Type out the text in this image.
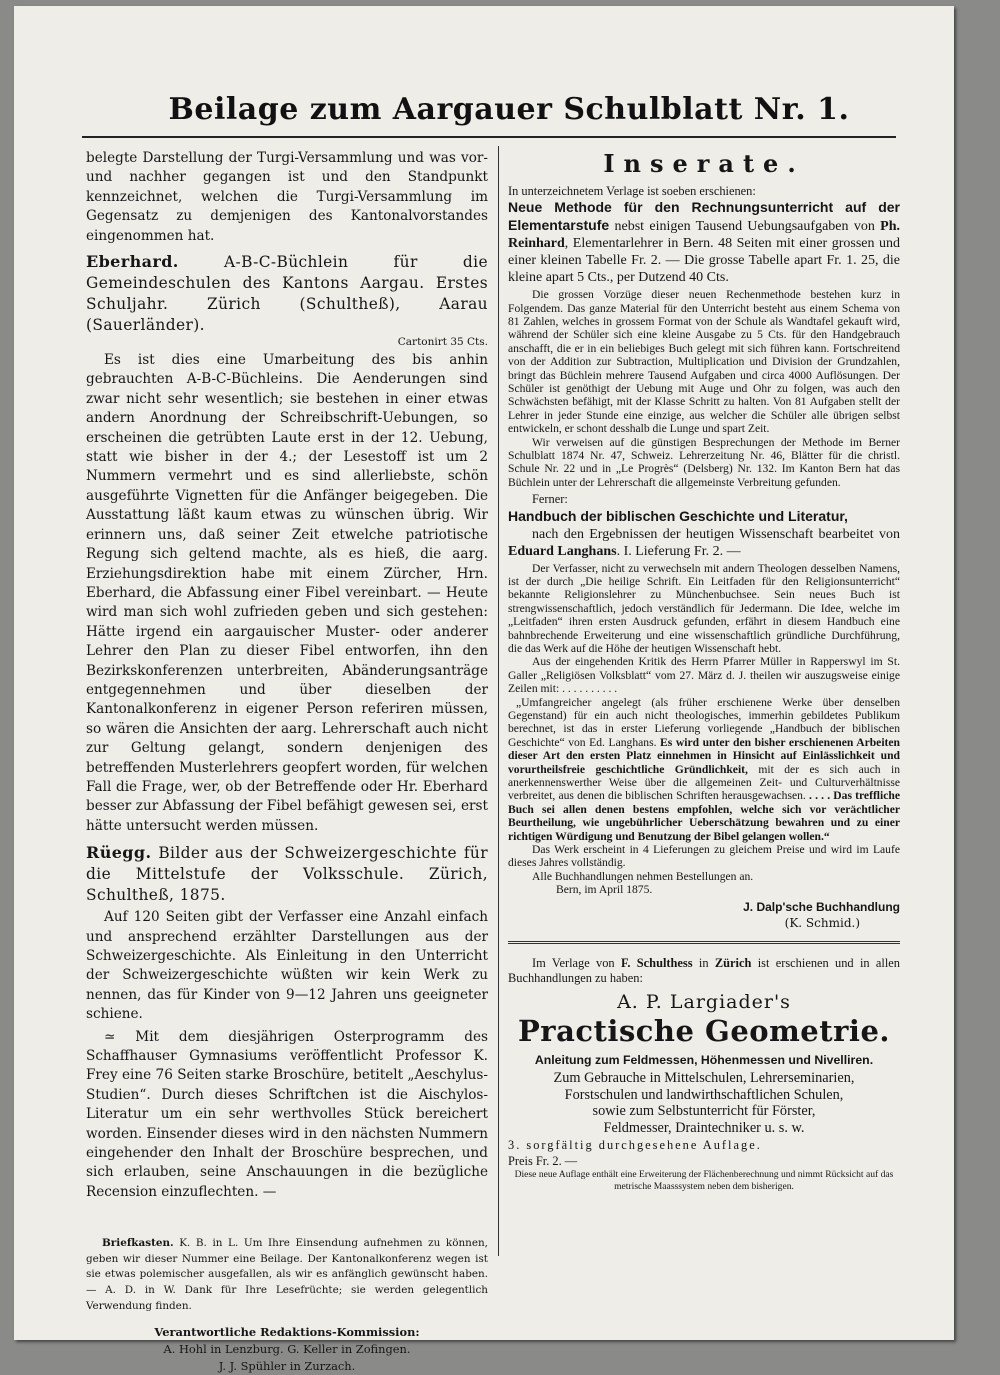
Beilage zum Aargauer Schulblatt Nr. 1.

belegte Darstellung der Turgi-Versammlung und was vor- und nachher gegangen ist und den Standpunkt kennzeichnet, welchen die Turgi-Versammlung im Gegensatz zu demjenigen des Kantonalvorstandes eingenommen hat.

Eberhard.	A-B-C-Büchlein für die Gemeindeschulen des Kantons Aargau. Erstes Schuljahr. Zürich (Schultheß), Aarau (Sauerländer).

Cartonirt 35 Cts.

Es ist dies eine Umarbeitung des bis anhin gebrauchten A-B-C-Büchleins. Die Aenderungen sind zwar nicht sehr wesentlich; sie bestehen in einer etwas andern Anordnung der Schreibschrift-Uebungen, so erscheinen die getrübten Laute erst in der 12. Uebung, statt wie bisher in der 4.; der Lesestoff ist um 2 Nummern vermehrt und es sind allerliebste, schön ausgeführte Vignetten für die Anfänger beigegeben. Die Ausstattung läßt kaum etwas zu wünschen übrig. Wir erinnern uns, daß seiner Zeit etwelche patriotische Regung sich geltend machte, als es hieß, die aarg. Erziehungsdirektion habe mit einem Zürcher, Hrn. Eberhard, die Abfassung einer Fibel vereinbart. — Heute wird man sich wohl zufrieden geben und sich gestehen: Hätte irgend ein aargauischer Muster- oder anderer Lehrer den Plan zu dieser Fibel entworfen, ihn den Bezirkskonferenzen unterbreiten, Abänderungsanträge entgegennehmen und über dieselben der Kantonalkonferenz in eigener Person referiren müssen, so wären die Ansichten der aarg. Lehrerschaft auch nicht zur Geltung gelangt, sondern denjenigen des betreffenden Musterlehrers geopfert worden, für welchen Fall die Frage, wer, ob der Betreffende oder Hr. Eberhard besser zur Abfassung der Fibel befähigt gewesen sei, erst hätte untersucht werden müssen.

Rüegg. Bilder aus der Schweizergeschichte für die Mittelstufe der Volksschule. Zürich, Schultheß, 1875.

Auf 120 Seiten gibt der Verfasser eine Anzahl einfach und ansprechend erzählter Darstellungen aus der Schweizergeschichte. Als Einleitung in den Unterricht der Schweizergeschichte wüßten wir kein Werk zu nennen, das für Kinder von 9—12 Jahren uns geeigneter schiene.

≃ Mit dem diesjährigen Osterprogramm des Schaffhauser Gymnasiums veröffentlicht Professor K. Frey eine 76 Seiten starke Broschüre, betitelt „Aeschylus-Studien“. Durch dieses Schriftchen ist die Aischylos-Literatur um ein sehr werthvolles Stück bereichert worden. Einsender dieses wird in den nächsten Nummern eingehender den Inhalt der Broschüre besprechen, und sich erlauben, seine Anschauungen in die bezügliche Recension einzuflechten. —

Briefkasten. K. B. in L. Um Ihre Einsendung aufnehmen zu können, geben wir dieser Nummer eine Beilage. Der Kantonalkonferenz wegen ist sie etwas polemischer ausgefallen, als wir es anfänglich gewünscht haben. — A. D. in W. Dank für Ihre Lesefrüchte; sie werden gelegentlich Verwendung finden.

Verantwortliche Redaktions-Kommission:

A. Hohl in Lenzburg. G. Keller in Zofingen.

J. J. Spühler in Zurzach.

Inserate.

In unterzeichnetem Verlage ist soeben erschienen:

Neue Methode für den Rechnungsunterricht auf der Elementarstufe nebst einigen Tausend Uebungsaufgaben von Ph. Reinhard, Elementarlehrer in Bern. 48 Seiten mit einer grossen und einer kleinen Tabelle Fr. 2. — Die grosse Tabelle apart Fr. 1. 25, die kleine apart 5 Cts., per Dutzend 40 Cts.

Die grossen Vorzüge dieser neuen Rechenmethode bestehen kurz in Folgendem. Das ganze Material für den Unterricht besteht aus einem Schema von 81 Zahlen, welches in grossem Format von der Schule als Wandtafel gekauft wird, während der Schüler sich eine kleine Ausgabe zu 5 Cts. für den Handgebrauch anschafft, die er in ein beliebiges Buch gelegt mit sich führen kann. Fortschreitend von der Addition zur Subtraction, Multiplication und Division der Grundzahlen, bringt das Büchlein mehrere Tausend Aufgaben und circa 4000 Auflösungen. Der Schüler ist genöthigt der Uebung mit Auge und Ohr zu folgen, was auch den Schwächsten befähigt, mit der Klasse Schritt zu halten. Von 81 Aufgaben stellt der Lehrer in jeder Stunde eine einzige, aus welcher die Schüler alle übrigen selbst entwickeln, er schont desshalb die Lunge und spart Zeit.

Wir verweisen auf die günstigen Besprechungen der Methode im Berner Schulblatt 1874 Nr. 47, Schweiz. Lehrerzeitung Nr. 46, Blätter für die christl. Schule Nr. 22 und in „Le Progrès“ (Delsberg) Nr. 132. Im Kanton Bern hat das Büchlein unter der Lehrerschaft die allgemeinste Verbreitung gefunden.

Ferner:

Handbuch der biblischen Geschichte und Literatur,

nach den Ergebnissen der heutigen Wissenschaft bearbeitet von Eduard Langhans. I. Lieferung Fr. 2. —

Der Verfasser, nicht zu verwechseln mit andern Theologen desselben Namens, ist der durch „Die heilige Schrift. Ein Leitfaden für den Religionsunterricht“ bekannte Religionslehrer zu Münchenbuchsee. Sein neues Buch ist strengwissenschaftlich, jedoch verständlich für Jedermann. Die Idee, welche im „Leitfaden“ ihren ersten Ausdruck gefunden, erfährt in diesem Handbuch eine bahnbrechende Erweiterung und eine wissenschaftlich gründliche Durchführung, die das Werk auf die Höhe der heutigen Wissenschaft hebt.

Aus der eingehenden Kritik des Herrn Pfarrer Müller in Rapperswyl im St. Galler „Religiösen Volksblatt“ vom 27. März d. J. theilen wir auszugsweise einige Zeilen mit: . . . . . . . . . .

„Umfangreicher angelegt (als früher erschienene Werke über denselben Gegenstand) für ein auch nicht theologisches, immerhin gebildetes Publikum berechnet, ist das in erster Lieferung vorliegende „Handbuch der biblischen Geschichte“ von Ed. Langhans. Es wird unter den bisher erschienenen Arbeiten dieser Art den ersten Platz einnehmen in Hinsicht auf Einlässlichkeit und vorurtheilsfreie geschichtliche Gründlichkeit, mit der es sich auch in anerkennenswerther Weise über die allgemeinen Zeit- und Culturverhältnisse verbreitet, aus denen die biblischen Schriften herausgewachsen. . . . . Das treffliche Buch sei allen denen bestens empfohlen, welche sich vor verächtlicher Beurtheilung, wie ungebührlicher Ueberschätzung bewahren und zu einer richtigen Würdigung und Benutzung der Bibel gelangen wollen.“

Das Werk erscheint in 4 Lieferungen zu gleichem Preise und wird im Laufe dieses Jahres vollständig.

Alle Buchhandlungen nehmen Bestellungen an.

Bern, im April 1875.

J. Dalp'sche Buchhandlung

(K. Schmid.)

Im Verlage von F. Schulthess in Zürich ist erschienen und in allen Buchhandlungen zu haben:

A. P. Largiader's

Practische Geometrie.

Anleitung zum Feldmessen, Höhenmessen und Nivelliren.

Zum Gebrauche in Mittelschulen, Lehrerseminarien,

Forstschulen und landwirthschaftlichen Schulen,

sowie zum Selbstunterricht für Förster,

Feldmesser, Draintechniker u. s. w.

3. sorgfältig durchgesehene Auflage.

Preis Fr. 2. —

Diese neue Auflage enthält eine Erweiterung der Flächenberechnung und nimmt Rücksicht auf das metrische Maasssystem neben dem bisherigen.
